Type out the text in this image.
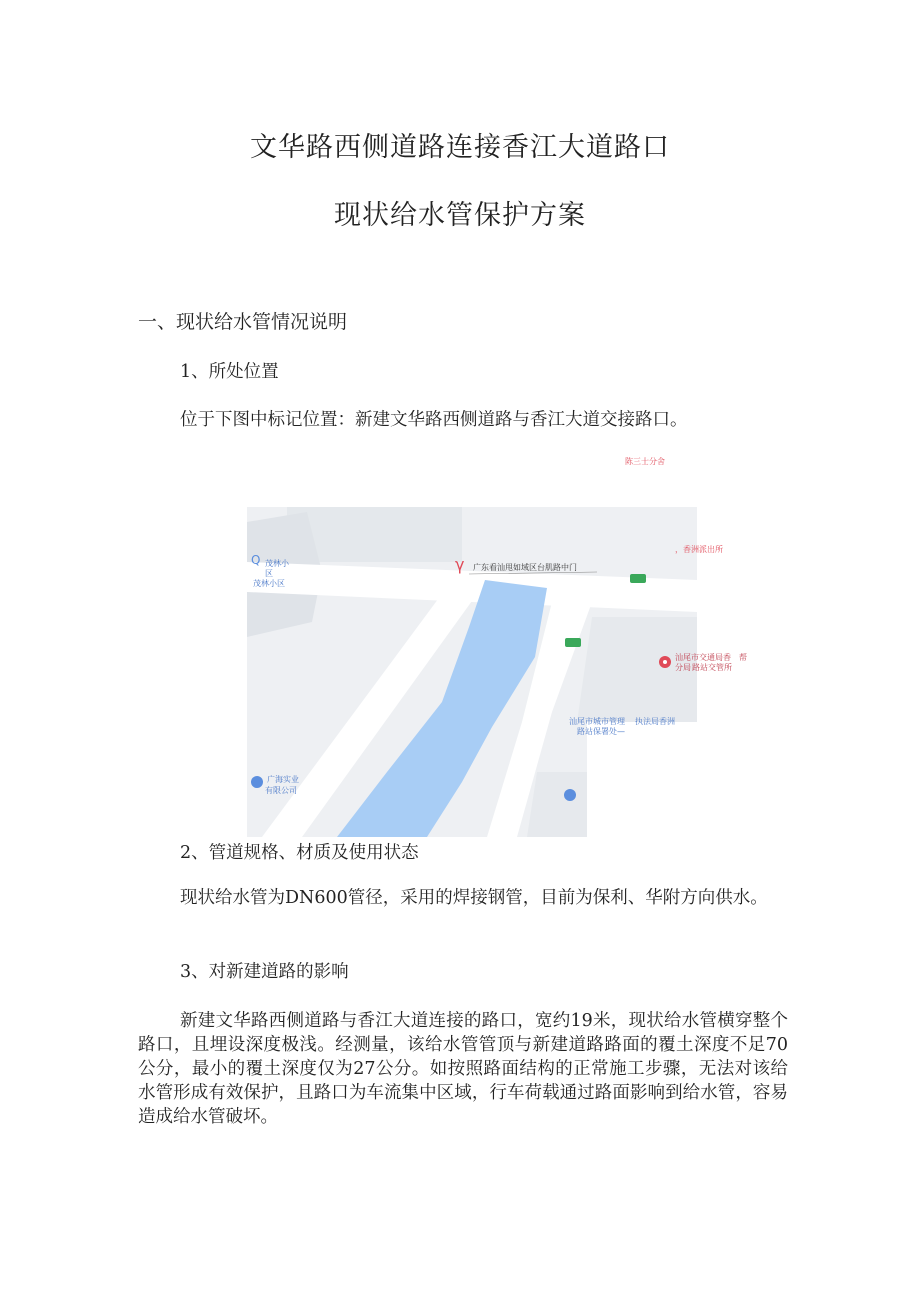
文华路西侧道路连接香江大道路口
现状给水管保护方案

一、现状给水管情况说明

1、所处位置

位于下图中标记位置：新建文华路西侧道路与香江大道交接路口。

γ
Q
陈三士分舍
，香洲派出所
广东看汕甩如域区台肌路中门
茂林小
区
茂林小区
汕尾市交通局香
分局 路站交管所
帮
汕尾市城市管理 执法局香洲
路站保署处—
广海实业
有限公司

2、管道规格、材质及使用状态

现状给水管为DN600管径，采用的焊接钢管，目前为保利、华附方向供水。

3、对新建道路的影响

新建文华路西侧道路与香江大道连接的路口，宽约19米，现状给水管横穿整个路口，且埋设深度极浅。经测量，该给水管管顶与新建道路路面的覆土深度不足70公分，最小的覆土深度仅为27公分。如按照路面结构的正常施工步骤，无法对该给水管形成有效保护，且路口为车流集中区域，行车荷载通过路面影响到给水管，容易造成给水管破坏。
